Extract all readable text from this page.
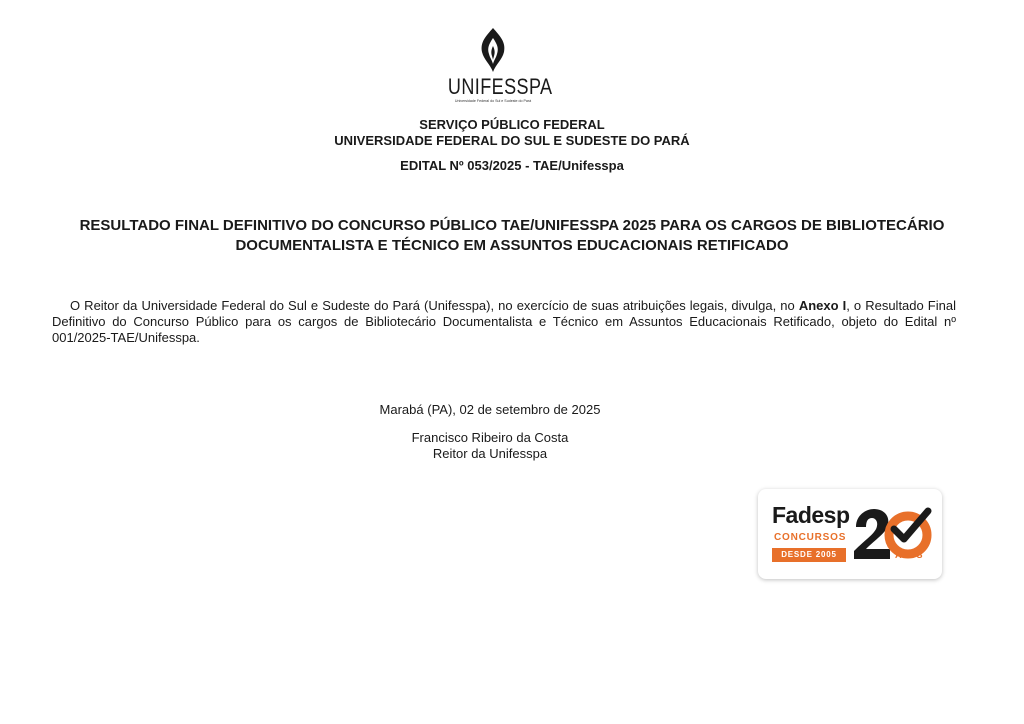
UNIFESSPA
Universidade Federal do Sul e Sudeste do Pará
SERVIÇO PÚBLICO FEDERAL
UNIVERSIDADE FEDERAL DO SUL E SUDESTE DO PARÁ
EDITAL Nº 053/2025 - TAE/Unifesspa
RESULTADO FINAL DEFINITIVO DO CONCURSO PÚBLICO TAE/UNIFESSPA 2025 PARA OS CARGOS DE BIBLIOTECÁRIO DOCUMENTALISTA E TÉCNICO EM ASSUNTOS EDUCACIONAIS RETIFICADO
O Reitor da Universidade Federal do Sul e Sudeste do Pará (Unifesspa), no exercício de suas atribuições legais, divulga, no Anexo I, o Resultado Final Definitivo do Concurso Público para os cargos de Bibliotecário Documentalista e Técnico em Assuntos Educacionais Retificado, objeto do Edital nº 001/2025-TAE/Unifesspa.
Marabá (PA), 02 de setembro de 2025
Francisco Ribeiro da Costa
Reitor da Unifesspa
Fadesp
CONCURSOS
DESDE 2005	ANOS
